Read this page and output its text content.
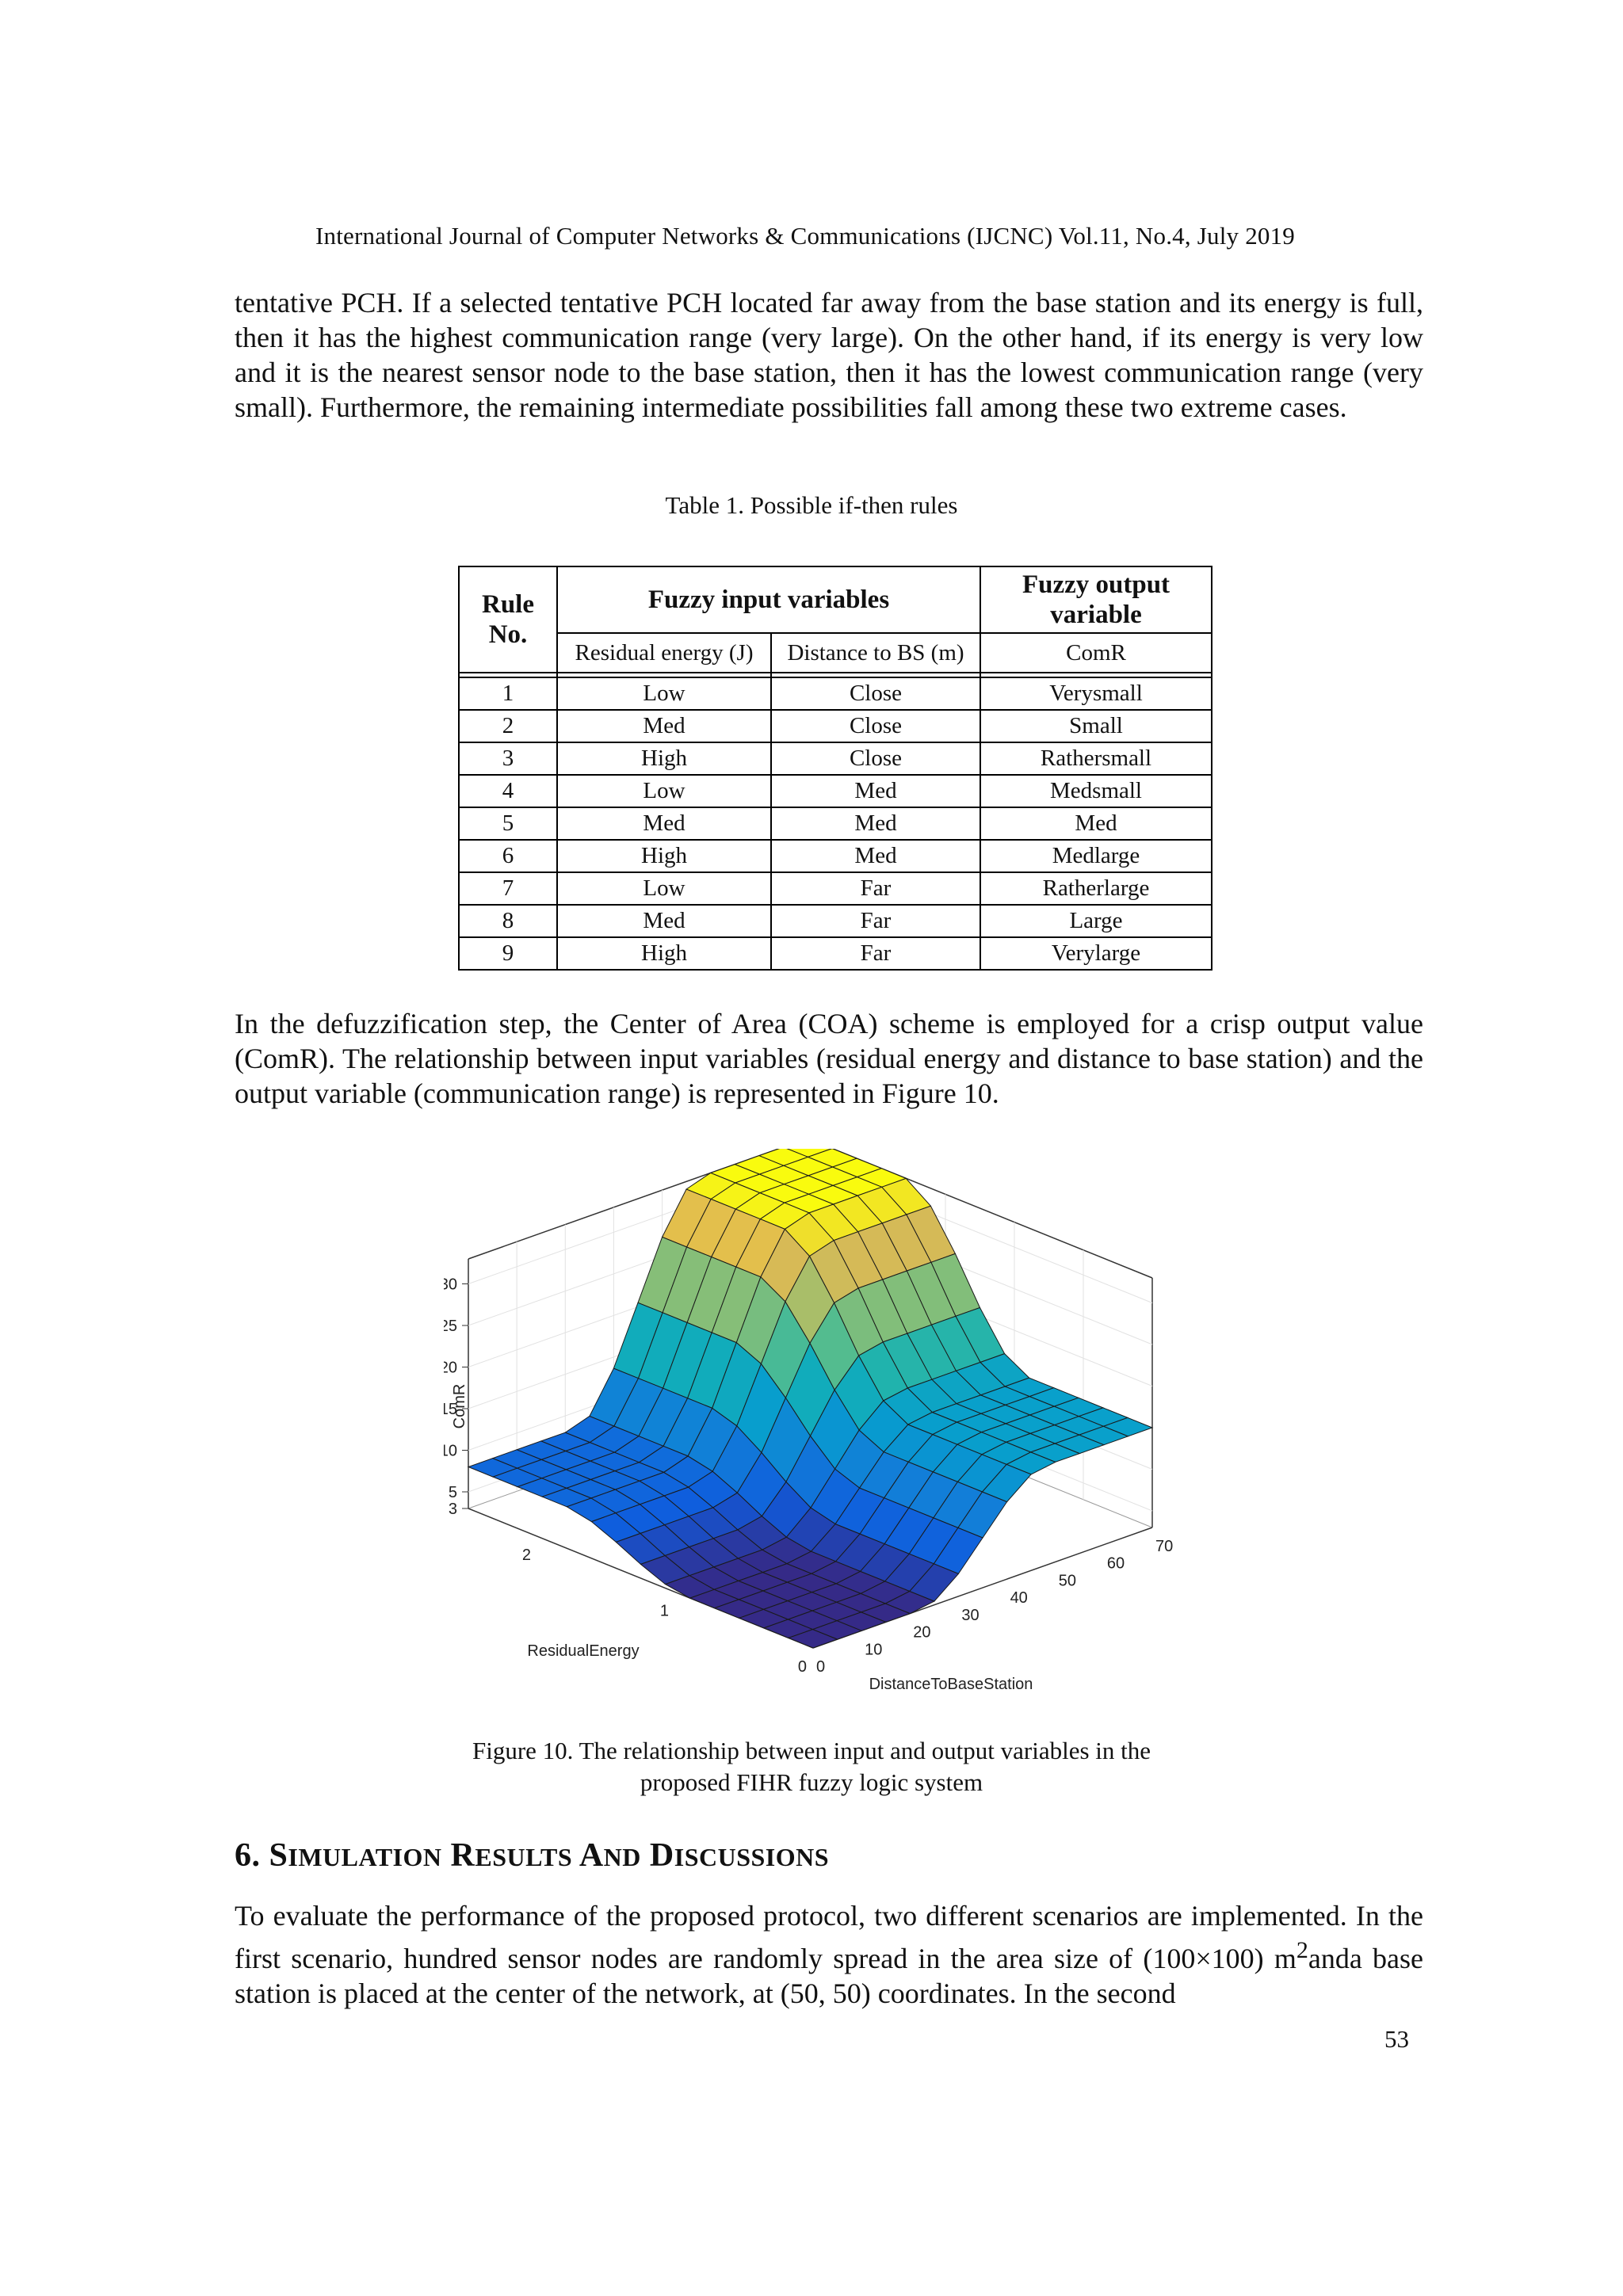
International Journal of Computer Networks & Communications (IJCNC) Vol.11, No.4, July 2019

tentative PCH. If a selected tentative PCH located far away from the base station and its energy is full, then it has the highest communication range (very large). On the other hand, if its energy is very low and it is the nearest sensor node to the base station, then it has the lowest communication range (very small). Furthermore, the remaining intermediate possibilities fall among these two extreme cases.

Table 1. Possible if-then rules
Rule No.	Fuzzy input variables		Fuzzy output variable
	Residual energy (J)	Distance to BS (m)	ComR

1	Low	Close	Verysmall
2	Med	Close	Small
3	High	Close	Rathersmall
4	Low	Med	Medsmall
5	Med	Med	Med
6	High	Med	Medlarge
7	Low	Far	Ratherlarge
8	Med	Far	Large
9	High	Far	Verylarge

In the defuzzification step, the Center of Area (COA) scheme is employed for a crisp output value (ComR). The relationship between input variables (residual energy and distance to base station) and the output variable (communication range) is represented in Figure 10.

3
5
10
15
20
25
30
0
1
2
0
10
20
30
40
50
60
70
ComR
ResidualEnergy
DistanceToBaseStation
Figure 10. The relationship between input and output variables in the
proposed FIHR fuzzy logic system
6. SIMULATION RESULTS AND DISCUSSIONS

To evaluate the performance of the proposed protocol, two different scenarios are implemented. In the first scenario, hundred sensor nodes are randomly spread in the area size of (100×100) $m^2anda$ base station is placed at the center of the network, at (50, 50) coordinates. In the second

53
